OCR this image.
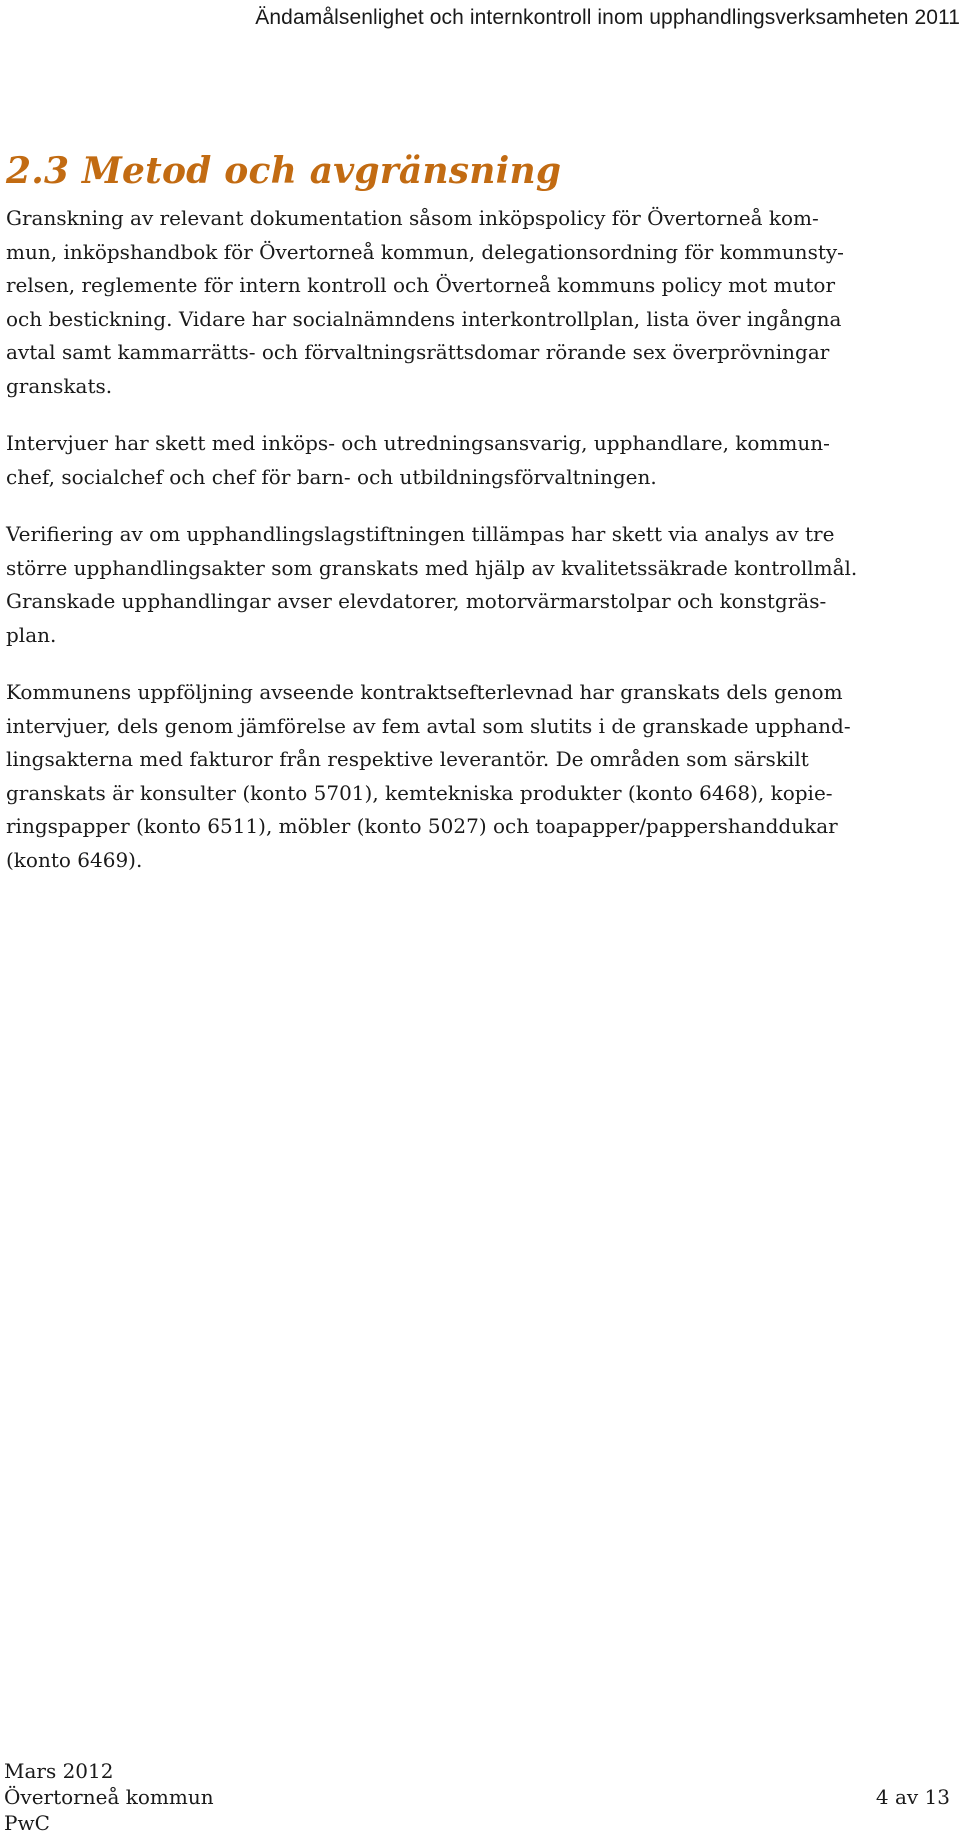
Ändamålsenlighet och internkontroll inom upphandlingsverksamheten 2011
2.3 Metod och avgränsning

Granskning av relevant dokumentation såsom inköpspolicy för Övertorneå kom-
mun, inköpshandbok för Övertorneå kommun, delegationsordning för kommunsty-
relsen, reglemente för intern kontroll och Övertorneå kommuns policy mot mutor
och bestickning. Vidare har socialnämndens interkontrollplan, lista över ingångna
avtal samt kammarrätts- och förvaltningsrättsdomar rörande sex överprövningar
granskats.

Intervjuer har skett med inköps- och utredningsansvarig, upphandlare, kommun-
chef, socialchef och chef för barn- och utbildningsförvaltningen.

Verifiering av om upphandlingslagstiftningen tillämpas har skett via analys av tre
större upphandlingsakter som granskats med hjälp av kvalitetssäkrade kontrollmål.
Granskade upphandlingar avser elevdatorer, motorvärmarstolpar och konstgräs-
plan.

Kommunens uppföljning avseende kontraktsefterlevnad har granskats dels genom
intervjuer, dels genom jämförelse av fem avtal som slutits i de granskade upphand-
lingsakterna med fakturor från respektive leverantör. De områden som särskilt
granskats är konsulter (konto 5701), kemtekniska produkter (konto 6468), kopie-
ringspapper (konto 6511), möbler (konto 5027) och toapapper/pappershanddukar
(konto 6469).

Mars 2012
Övertorneå kommun
PwC
4 av 13
